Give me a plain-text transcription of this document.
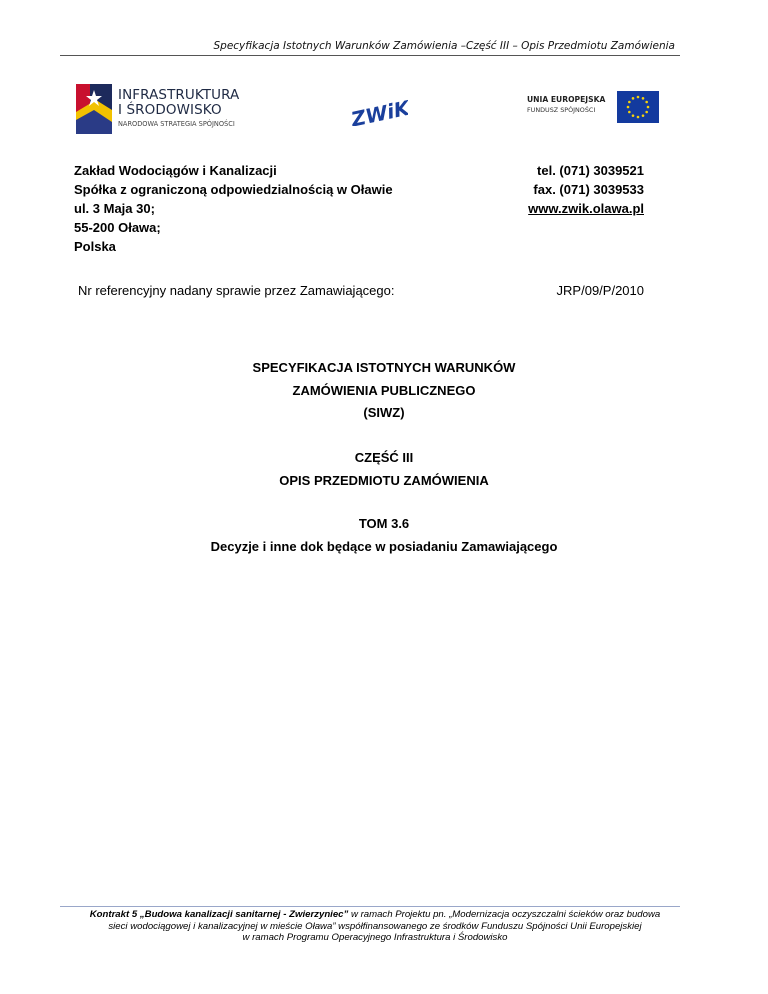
Specyfikacja Istotnych Warunków Zamówienia –Część III – Opis Przedmiotu Zamówienia
INFRASTRUKTURA
I ŚRODOWISKO
NARODOWA STRATEGIA SPÓJNOŚCI	ZWiK	UNIA EUROPEJSKA
FUNDUSZ SPÓJNOŚCI
Zakład Wodociągów i Kanalizacji
Spółka z ograniczoną odpowiedzialnością w Oławie
ul. 3 Maja 30;
55-200 Oława;
Polska
tel. (071) 3039521
fax. (071) 3039533
www.zwik.olawa.pl
Nr referencyjny nadany sprawie przez Zamawiającego:	JRP/09/P/2010
SPECYFIKACJA ISTOTNYCH WARUNKÓW
ZAMÓWIENIA PUBLICZNEGO
(SIWZ)
CZĘŚĆ III
OPIS PRZEDMIOTU ZAMÓWIENIA
TOM 3.6
Decyzje i inne dok będące w posiadaniu Zamawiającego
Kontrakt 5 „Budowa kanalizacji sanitarnej - Zwierzyniec” w ramach Projektu pn. „Modernizacja oczyszczalni ścieków oraz budowa
sieci wodociągowej i kanalizacyjnej w mieście Oława” współfinansowanego ze środków Funduszu Spójności Unii Europejskiej
w ramach Programu Operacyjnego Infrastruktura i Środowisko
